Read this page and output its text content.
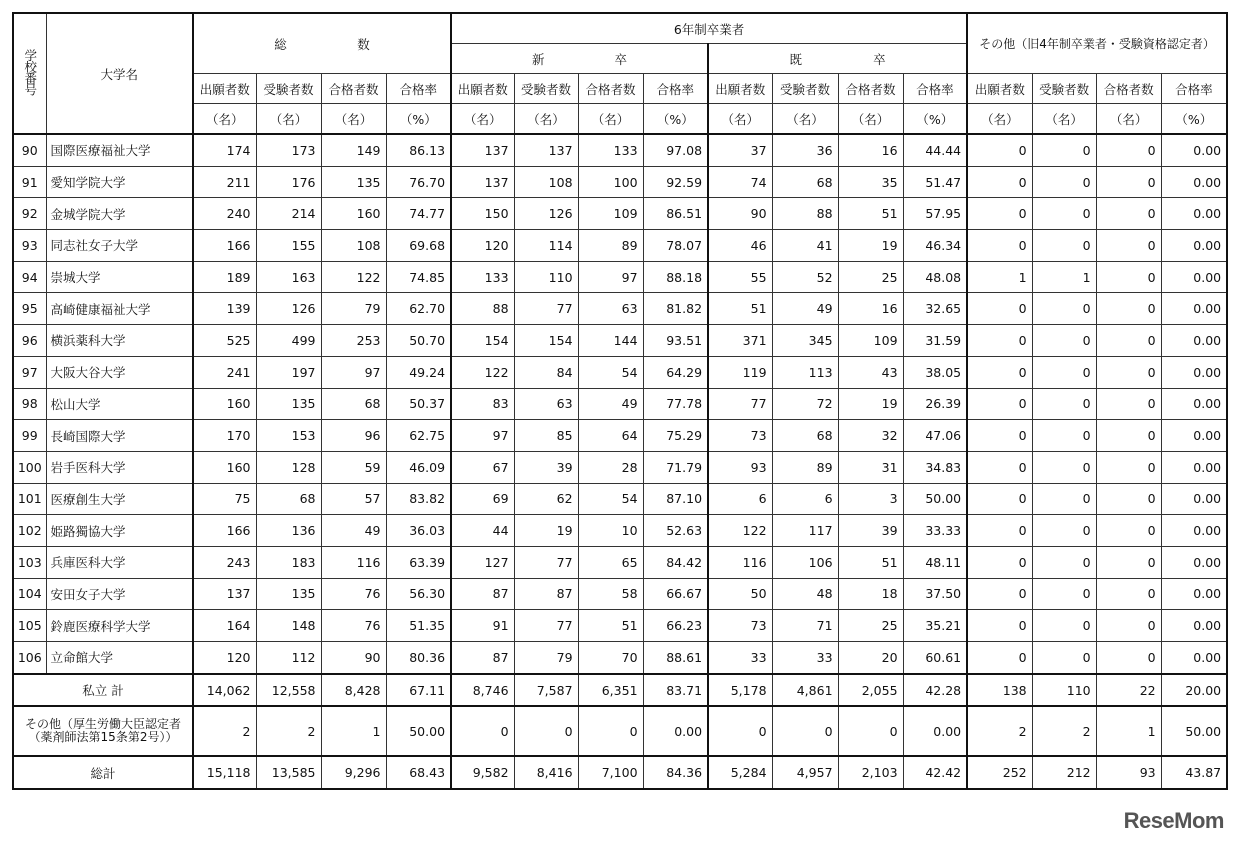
学校番号	大学名	総 数				6年制卒業者								その他（旧4年制卒業者・受験資格認定者）			

						新 卒				既 卒							

		出願者数	受験者数	合格者数	合格率	出願者数	受験者数	合格者数	合格率	出願者数	受験者数	合格者数	合格率	出願者数	受験者数	合格者数	合格率
		（名）	（名）	（名）	（%）	（名）	（名）	（名）	（%）	（名）	（名）	（名）	（%）	（名）	（名）	（名）	（%）
90	国際医療福祉大学	174	173	149	86.13	137	137	133	97.08	37	36	16	44.44	0	0	0	0.00
91	愛知学院大学	211	176	135	76.70	137	108	100	92.59	74	68	35	51.47	0	0	0	0.00
92	金城学院大学	240	214	160	74.77	150	126	109	86.51	90	88	51	57.95	0	0	0	0.00
93	同志社女子大学	166	155	108	69.68	120	114	89	78.07	46	41	19	46.34	0	0	0	0.00
94	崇城大学	189	163	122	74.85	133	110	97	88.18	55	52	25	48.08	1	1	0	0.00
95	高崎健康福祉大学	139	126	79	62.70	88	77	63	81.82	51	49	16	32.65	0	0	0	0.00
96	横浜薬科大学	525	499	253	50.70	154	154	144	93.51	371	345	109	31.59	0	0	0	0.00
97	大阪大谷大学	241	197	97	49.24	122	84	54	64.29	119	113	43	38.05	0	0	0	0.00
98	松山大学	160	135	68	50.37	83	63	49	77.78	77	72	19	26.39	0	0	0	0.00
99	長崎国際大学	170	153	96	62.75	97	85	64	75.29	73	68	32	47.06	0	0	0	0.00
100	岩手医科大学	160	128	59	46.09	67	39	28	71.79	93	89	31	34.83	0	0	0	0.00
101	医療創生大学	75	68	57	83.82	69	62	54	87.10	6	6	3	50.00	0	0	0	0.00
102	姫路獨協大学	166	136	49	36.03	44	19	10	52.63	122	117	39	33.33	0	0	0	0.00
103	兵庫医科大学	243	183	116	63.39	127	77	65	84.42	116	106	51	48.11	0	0	0	0.00
104	安田女子大学	137	135	76	56.30	87	87	58	66.67	50	48	18	37.50	0	0	0	0.00
105	鈴鹿医療科学大学	164	148	76	51.35	91	77	51	66.23	73	71	25	35.21	0	0	0	0.00
106	立命館大学	120	112	90	80.36	87	79	70	88.61	33	33	20	60.61	0	0	0	0.00
私立 計		14,062	12,558	8,428	67.11	8,746	7,587	6,351	83.71	5,178	4,861	2,055	42.28	138	110	22	20.00

その他（厚生労働大臣認定者
（薬剤師法第15条第2号））		2	2	1	50.00	0	0	0	0.00	0	0	0	0.00	2	2	1	50.00
総計		15,118	13,585	9,296	68.43	9,582	8,416	7,100	84.36	5,284	4,957	2,103	42.42	252	212	93	43.87
ReseMom
